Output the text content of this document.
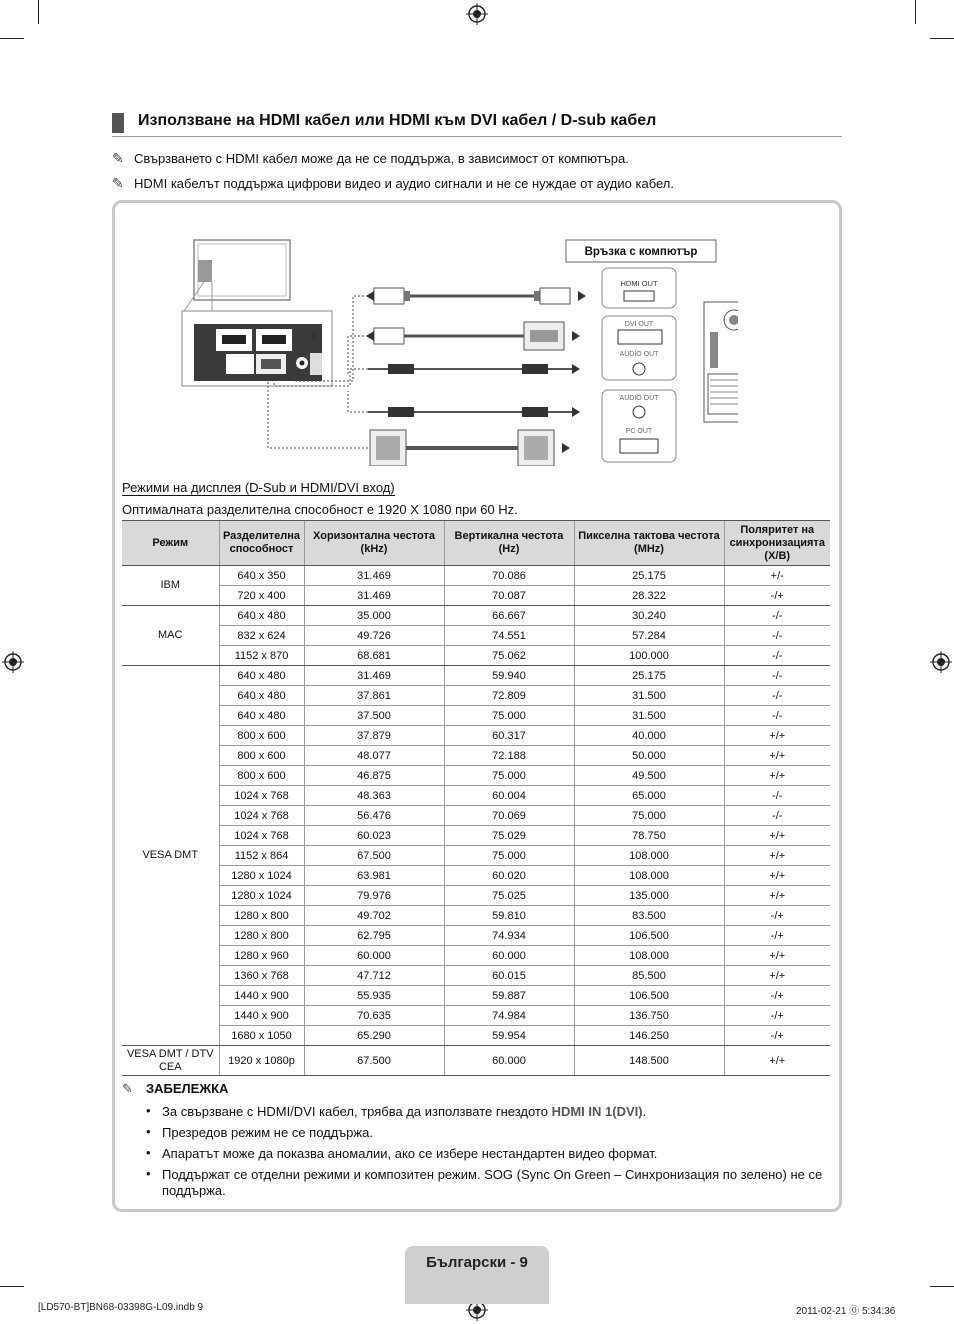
Използване на HDMI кабел или HDMI към DVI кабел / D-sub кабел
✎ Свързването с HDMI кабел може да не се поддържа, в зависимост от компютъра.
✎ HDMI кабелът поддържа цифрови видео и аудио сигнали и не се нуждае от аудио кабел.
Връзка с компютър
HDMI OUT
DVI OUT
AUDIO OUT
AUDIO OUT
PC OUT
Режими на дисплея (D-Sub и HDMI/DVI вход)
Оптималната разделителна способност е 1920 X 1080 при 60 Hz.
Режим	Разделителна способност	Хоризонтална честота (kHz)	Вертикална честота (Hz)	Пикселна тактова честота (MHz)	Поляритет на синхронизацията (Х/В)
IBM	640 x 350	31.469	70.086	25.175	+/-
	720 x 400	31.469	70.087	28.322	-/+
MAC	640 x 480	35.000	66.667	30.240	-/-
	832 x 624	49.726	74.551	57.284	-/-
	1152 x 870	68.681	75.062	100.000	-/-
VESA DMT	640 x 480	31.469	59.940	25.175	-/-
	640 x 480	37.861	72.809	31.500	-/-
	640 x 480	37.500	75.000	31.500	-/-
	800 x 600	37.879	60.317	40.000	+/+
	800 x 600	48.077	72.188	50.000	+/+
	800 x 600	46.875	75.000	49.500	+/+
	1024 x 768	48.363	60.004	65.000	-/-
	1024 x 768	56.476	70.069	75.000	-/-
	1024 x 768	60.023	75.029	78.750	+/+
	1152 x 864	67.500	75.000	108.000	+/+
	1280 x 1024	63.981	60.020	108.000	+/+
	1280 x 1024	79.976	75.025	135.000	+/+
	1280 x 800	49.702	59.810	83.500	-/+
	1280 x 800	62.795	74.934	106.500	-/+
	1280 x 960	60.000	60.000	108.000	+/+
	1360 x 768	47.712	60.015	85.500	+/+
	1440 x 900	55.935	59.887	106.500	-/+
	1440 x 900	70.635	74.984	136.750	-/+
	1680 x 1050	65.290	59.954	146.250	-/+
VESA DMT / DTV CEA	1920 x 1080p	67.500	60.000	148.500	+/+
✎ ЗАБЕЛЕЖКА
• За свързване с HDMI/DVI кабел, трябва да използвате гнездото HDMI IN 1(DVI).
• Презредов режим не се поддържа.
• Апаратът може да показва аномалии, ако се избере нестандартен видео формат.
• Поддържат се отделни режими и композитен режим. SOG (Sync On Green – Синхронизация по зелено) не се поддържа.
Български - 9
[LD570-BT]BN68-03398G-L09.indb 9	2011-02-21 ⓪ 5:34:36
